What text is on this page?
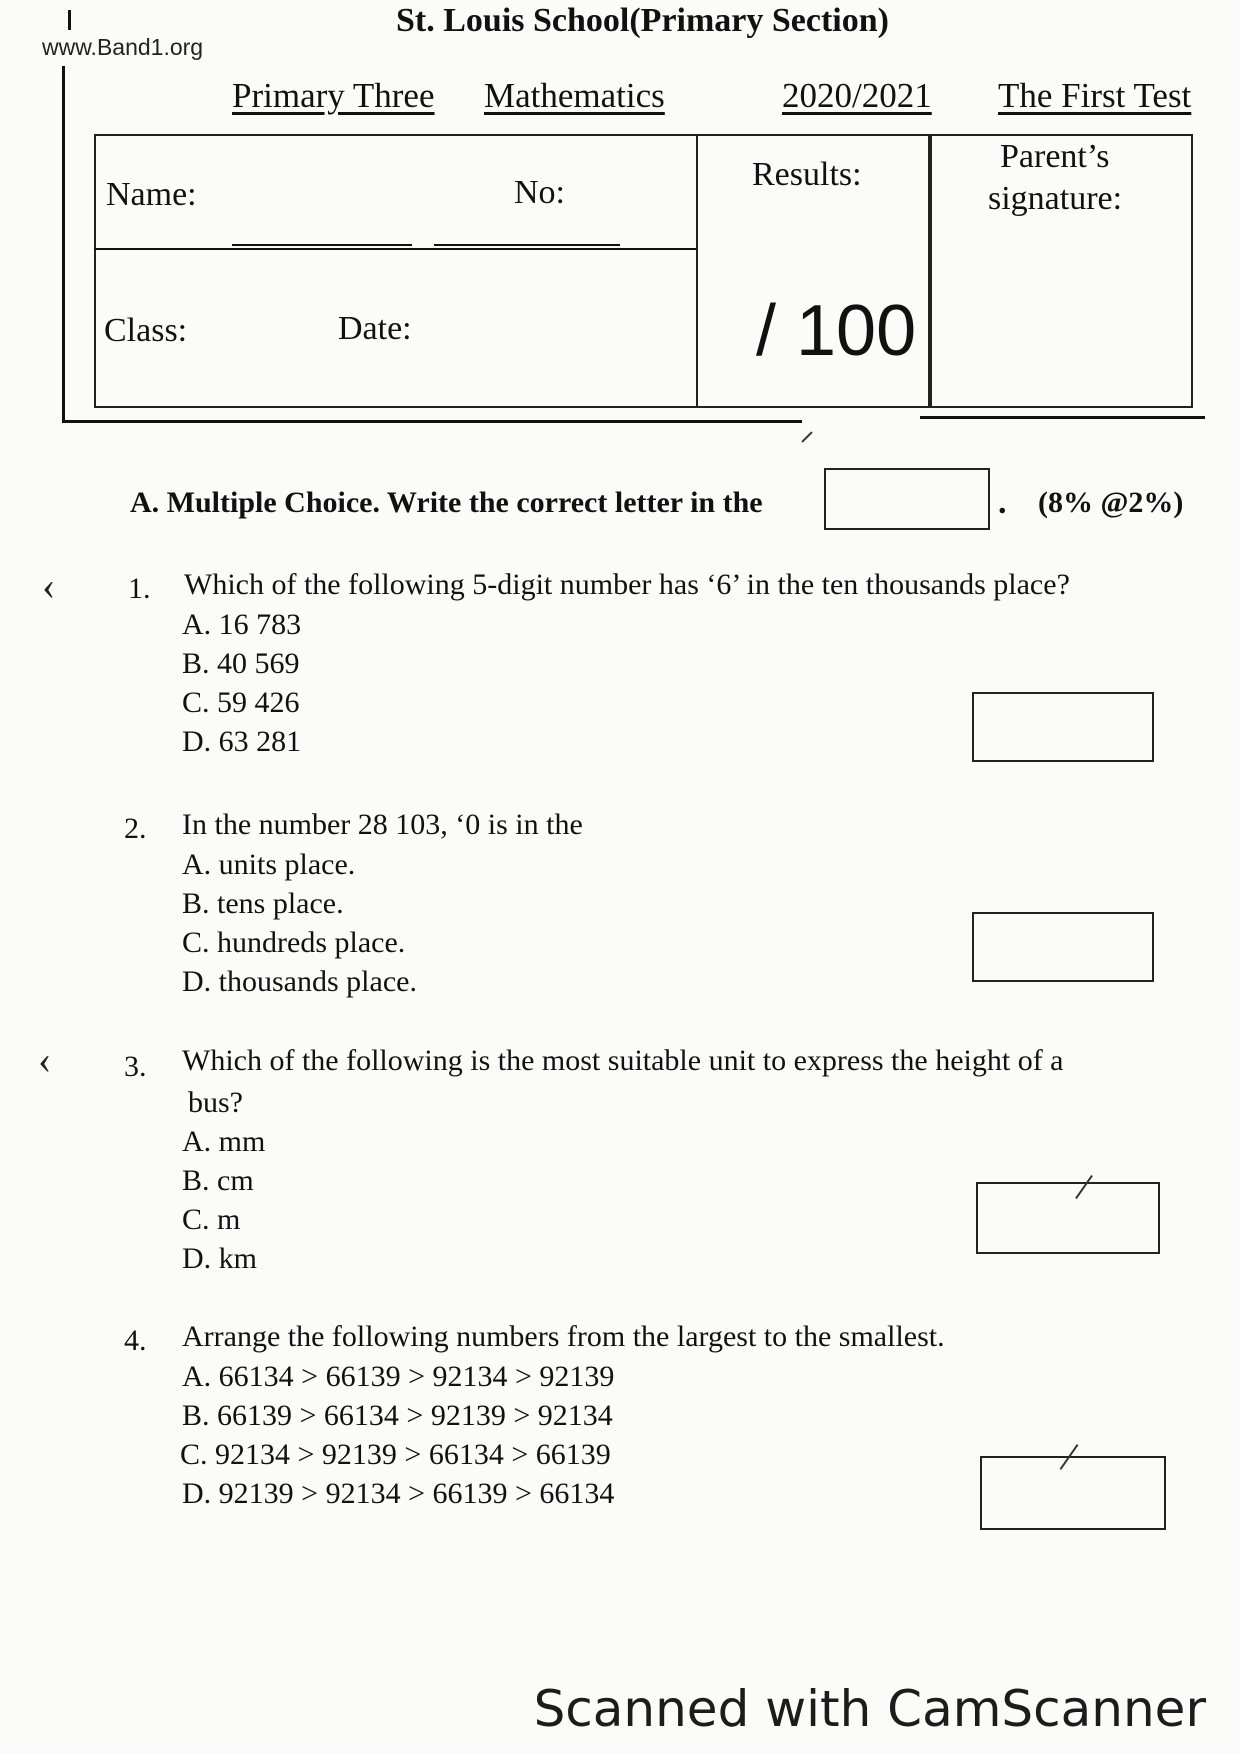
www.Band1.org
St. Louis School(Primary Section)
Primary Three Mathematics	2020/2021 The First Test
Name:	No:
Class:	Date:
Results:
/ 100
Parent’s
signature:
A. Multiple Choice. Write the correct letter in the	. (8% @2%)
‹ 1. Which of the following 5-digit number has ‘6’ in the ten thousands place?
A. 16 783
B. 40 569
C. 59 426
D. 63 281
2. In the number 28 103, ‘0 is in the
A. units place.
B. tens place.
C. hundreds place.
D. thousands place.
‹ 3. Which of the following is the most suitable unit to express the height of a
bus?
A. mm
B. cm
C. m
D. km
4. Arrange the following numbers from the largest to the smallest.
A. 66134 > 66139 > 92134 > 92139
B. 66139 > 66134 > 92139 > 92134
C. 92134 > 92139 > 66134 > 66139
D. 92139 > 92134 > 66139 > 66134
Scanned with CamScanner
